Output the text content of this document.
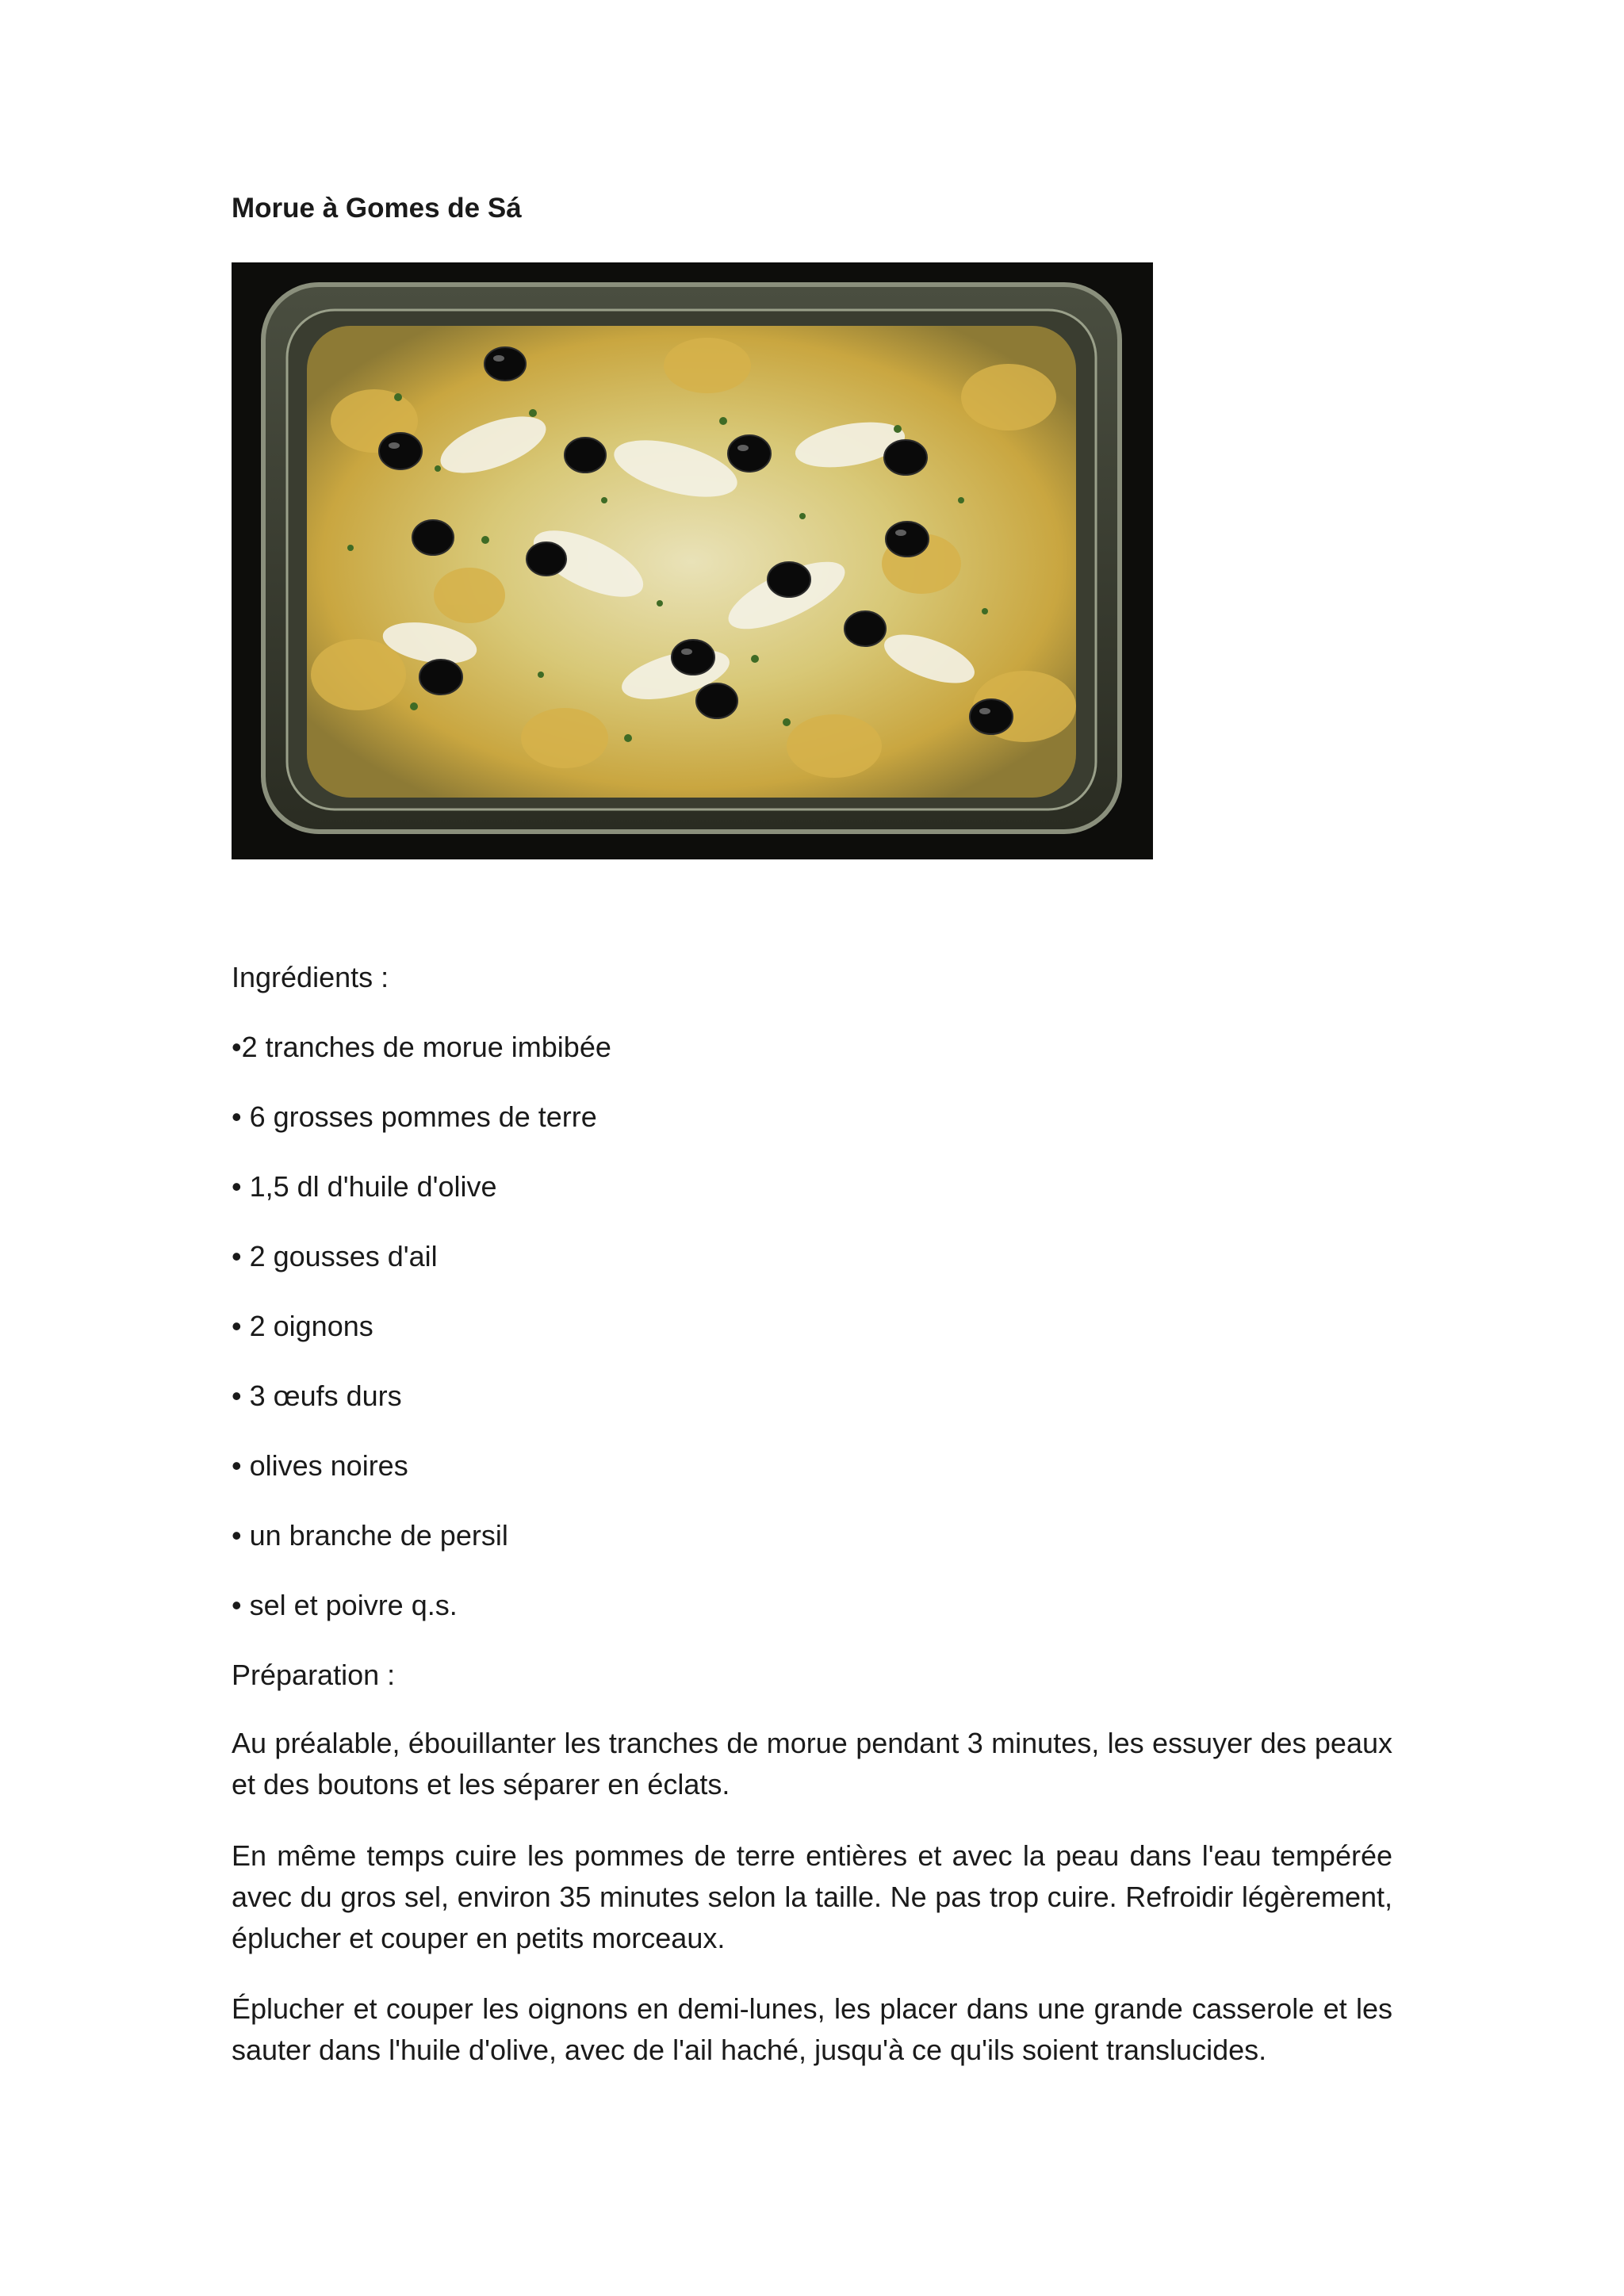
Morue à Gomes de Sá
Ingrédients :
•2 tranches de morue imbibée
• 6 grosses pommes de terre
• 1,5 dl d'huile d'olive
• 2 gousses d'ail
• 2 oignons
• 3 œufs durs
• olives noires
• un branche de persil
• sel et poivre q.s.
Préparation :

Au préalable, ébouillanter les tranches de morue pendant 3 minutes, les essuyer des peaux et des boutons et les séparer en éclats.

En même temps cuire les pommes de terre entières et avec la peau dans l'eau tempérée avec du gros sel, environ 35 minutes selon la taille. Ne pas trop cuire. Refroidir légèrement, éplucher et couper en petits morceaux.

Éplucher et couper les oignons en demi-lunes, les placer dans une grande casserole et les sauter dans l'huile d'olive, avec de l'ail haché, jusqu'à ce qu'ils soient translucides.
